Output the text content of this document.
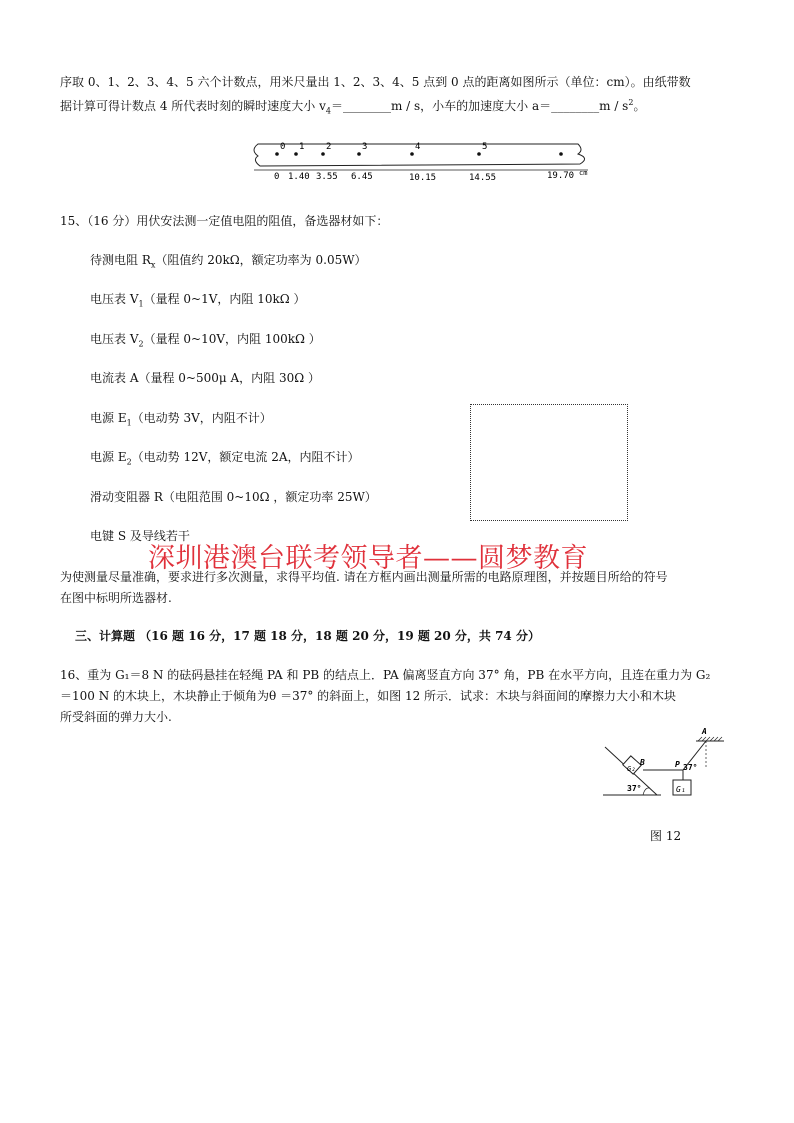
序取 0、1、2、3、4、5 六个计数点，用米尺量出 1、2、3、4、5 点到 0 点的距离如图所示（单位：cm）。由纸带数
据计算可得计数点 4 所代表时刻的瞬时速度大小 $v_4=\_\_\_\_\_\_\_\_m / s$，小车的加速度大小 a＝________m / $s^2$。
0 1 2	3	4	5
0 1.40 3.55 6.45	10.15	14.55	19.70 cm
15、（16 分）用伏安法测一定值电阻的阻值，备选器材如下：
待测电阻 $R_x$（阻值约 20kΩ，额定功率为 0.05W）
电压表 $V_1$（量程 0~1V，内阻 10kΩ ）
电压表 $V_2$（量程 0~10V，内阻 100kΩ ）
电流表 A（量程 0~500μ A，内阻 30Ω ）
电源 $E_1$（电动势 3V，内阻不计）
电源 $E_2$（电动势 12V，额定电流 2A，内阻不计）
滑动变阻器 R（电阻范围 0~10Ω ，额定功率 25W）
电键 S 及导线若干
深圳港澳台联考领导者——圆梦教育
为使测量尽量准确，要求进行多次测量，求得平均值. 请在方框内画出测量所需的电路原理图，并按题目所给的符号
在图中标明所选器材.
三、计算题 （16 题 16 分，17 题 18 分，18 题 20 分，19 题 20 分，共 74 分）
16、重为 G₁＝8 N 的砝码悬挂在轻绳 PA 和 PB 的结点上．PA 偏离竖直方向 37° 角，PB 在水平方向，且连在重力为 G₂
＝100 N 的木块上，木块静止于倾角为θ ＝37° 的斜面上，如图 12 所示．试求：木块与斜面间的摩擦力大小和木块
所受斜面的弹力大小.
A
B	P 37°
37°	G₁
G₂
图 12
